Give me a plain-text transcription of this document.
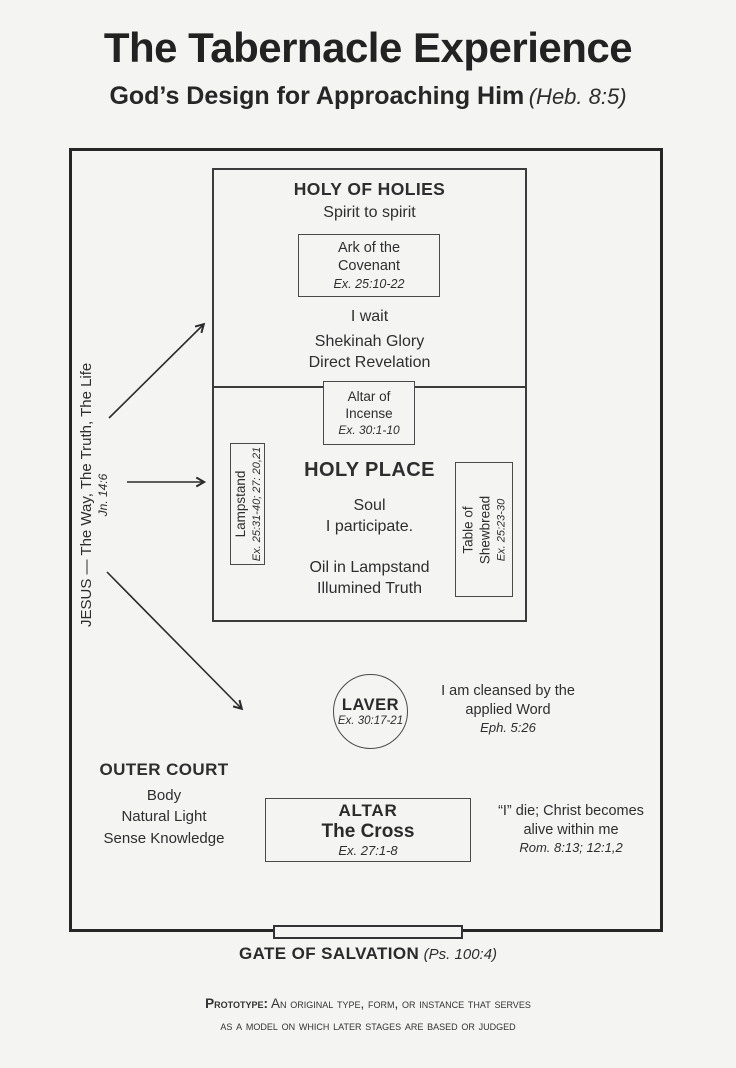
The Tabernacle Experience
God’s Design for Approaching Him (Heb. 8:5)
HOLY OF HOLIES
Spirit to spirit
Ark of the
Covenant
Ex. 25:10-22
I wait
Shekinah Glory
Direct Revelation
Altar of
Incense
Ex. 30:1-10
HOLY PLACE
Soul
I participate.
Oil in Lampstand
Illumined Truth
Lampstand Ex. 25:31-40; 27: 20,21	Table of Shewbread Ex. 25:23-30
JESUS — The Way, The Truth, The Life Jn. 14:6
LAVER
Ex. 30:17-21
I am cleansed by the
applied Word
Eph. 5:26
OUTER COURT
Body
Natural Light
Sense Knowledge
ALTAR
The Cross
Ex. 27:1-8
“I” die; Christ becomes
alive within me
Rom. 8:13; 12:1,2
GATE OF SALVATION (Ps. 100:4)
Prototype: An original type, form, or instance that serves
as a model on which later stages are based or judged
